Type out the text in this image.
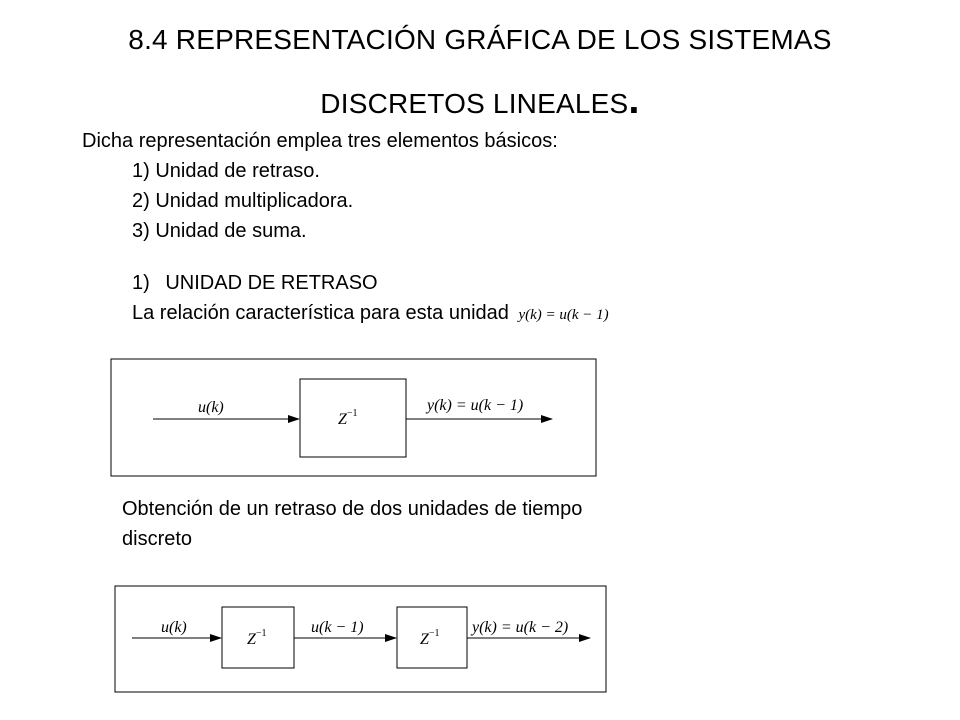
8.4 REPRESENTACIÓN GRÁFICA DE LOS SISTEMAS
DISCRETOS LINEALES.
Dicha representación emplea tres elementos básicos:
1) Unidad de retraso.
2) Unidad multiplicadora.
3) Unidad de suma.
1) UNIDAD DE RETRASO
La relación característica para esta unidad y(k) = u(k − 1)
u(k)
$Z^{-1}$	y(k) = u(k − 1)
u(k)
$Z^{-1}$	u(k − 1)
$Z^{-1}$ y(k) = u(k − 2)
Obtención de un retraso de dos unidades de tiempo
discreto
